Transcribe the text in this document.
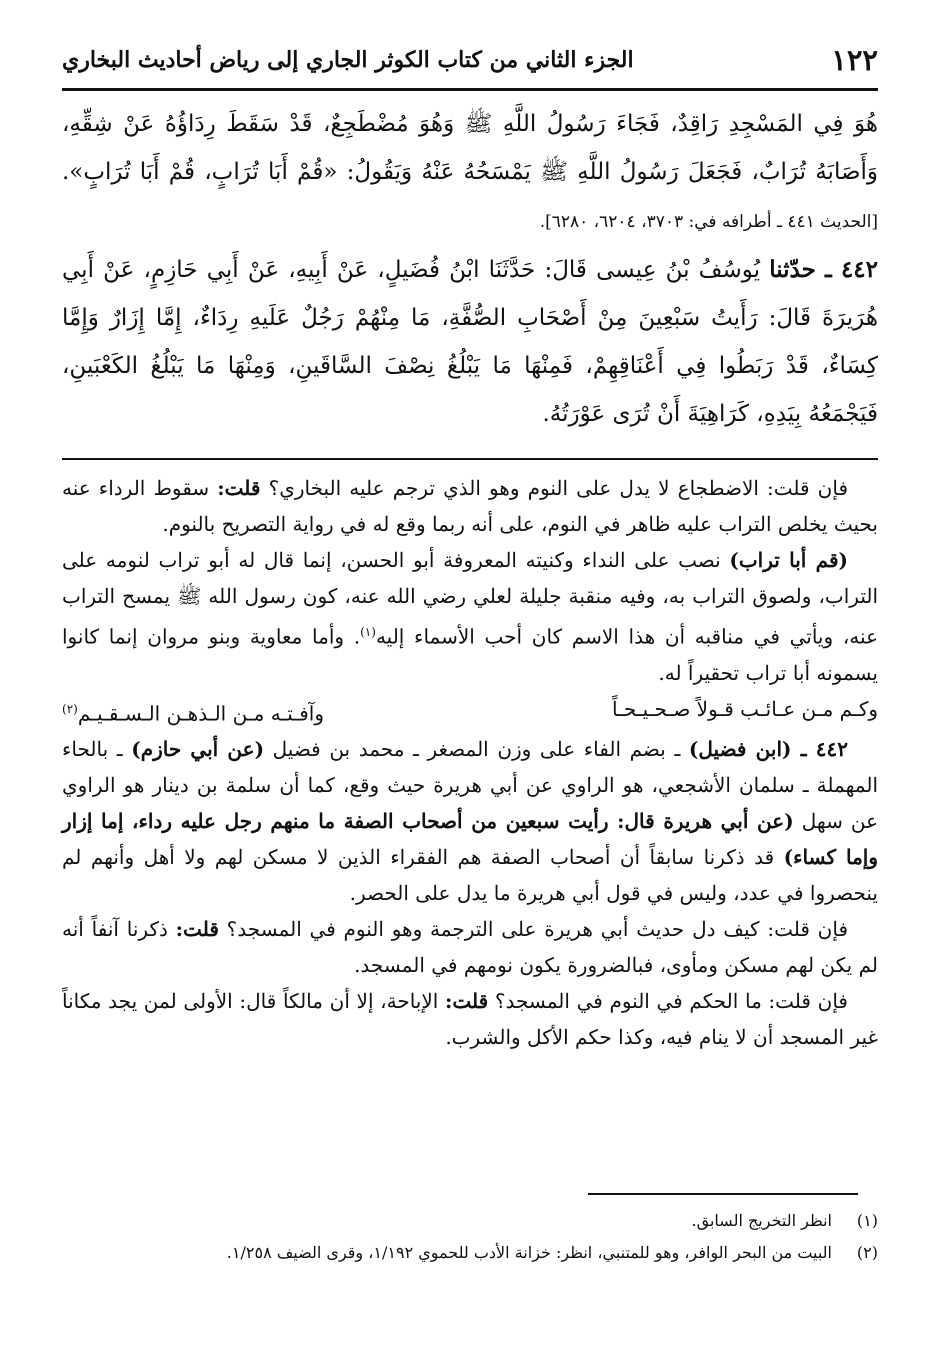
١٢٢
الجزء الثاني من كتاب الكوثر الجاري إلى رياض أحاديث البخاري

هُوَ فِي المَسْجِدِ رَاقِدٌ، فَجَاءَ رَسُولُ اللَّهِ ﷺ وَهُوَ مُضْطَجِعٌ، قَدْ سَقَطَ رِدَاؤُهُ عَنْ شِقِّهِ، وَأَصَابَهُ تُرَابٌ، فَجَعَلَ رَسُولُ اللَّهِ ﷺ يَمْسَحُهُ عَنْهُ وَيَقُولُ: «قُمْ أَبَا تُرَابٍ، قُمْ أَبَا تُرَابٍ». [الحديث ٤٤١ ـ أطرافه في: ٣٧٠٣، ٦٢٠٤، ٦٢٨٠].

٤٤٢ ـ حدّثنا يُوسُفُ بْنُ عِيسى قَالَ: حَدَّثَنَا ابْنُ فُضَيلٍ، عَنْ أَبِيهِ، عَنْ أَبِي حَازِمٍ، عَنْ أَبِي هُرَيرَةَ قَالَ: رَأَيتُ سَبْعِينَ مِنْ أَصْحَابِ الصُّفَّةِ، مَا مِنْهُمْ رَجُلٌ عَلَيهِ رِدَاءٌ، إِمَّا إِزَارٌ وَإِمَّا كِسَاءٌ، قَدْ رَبَطُوا فِي أَعْنَاقِهِمْ، فَمِنْهَا مَا يَبْلُغُ نِصْفَ السَّاقَينِ، وَمِنْهَا مَا يَبْلُغُ الكَعْبَينِ، فَيَجْمَعُهُ بِيَدِهِ، كَرَاهِيَةَ أَنْ تُرَى عَوْرَتُهُ.

فإن قلت: الاضطجاع لا يدل على النوم وهو الذي ترجم عليه البخاري؟ قلت: سقوط الرداء عنه بحيث يخلص التراب عليه ظاهر في النوم، على أنه ربما وقع له في رواية التصريح بالنوم.

(قم أبا تراب) نصب على النداء وكنيته المعروفة أبو الحسن، إنما قال له أبو تراب لنومه على التراب، ولصوق التراب به، وفيه منقبة جليلة لعلي رضي الله عنه، كون رسول الله ﷺ يمسح التراب عنه، ويأتي في مناقبه أن هذا الاسم كان أحب الأسماء إليه$^{(١)}$. وأما معاوية وبنو مروان إنما كانوا يسمونه أبا تراب تحقيراً له.

وكـم مـن عـائـب قـولاً صـحـيـحـاً
وآفـتـه مـن الـذهـن الـسـقـيـم$^{(٢)}$

٤٤٢ ـ (ابن فضيل) ـ بضم الفاء على وزن المصغر ـ محمد بن فضيل (عن أبي حازم) ـ بالحاء المهملة ـ سلمان الأشجعي، هو الراوي عن أبي هريرة حيث وقع، كما أن سلمة بن دينار هو الراوي عن سهل (عن أبي هريرة قال: رأيت سبعين من أصحاب الصفة ما منهم رجل عليه رداء، إما إزار وإما كساء) قد ذكرنا سابقاً أن أصحاب الصفة هم الفقراء الذين لا مسكن لهم ولا أهل وأنهم لم ينحصروا في عدد، وليس في قول أبي هريرة ما يدل على الحصر.

فإن قلت: كيف دل حديث أبي هريرة على الترجمة وهو النوم في المسجد؟ قلت: ذكرنا آنفاً أنه لم يكن لهم مسكن ومأوى، فبالضرورة يكون نومهم في المسجد.

فإن قلت: ما الحكم في النوم في المسجد؟ قلت: الإباحة، إلا أن مالكاً قال: الأولى لمن يجد مكاناً غير المسجد أن لا ينام فيه، وكذا حكم الأكل والشرب.

(١)انظر التخريج السابق.
(٢)البيت من البحر الوافر، وهو للمتنبي، انظر: خزانة الأدب للحموي ١/١٩٢، وقرى الضيف ١/٢٥٨.
